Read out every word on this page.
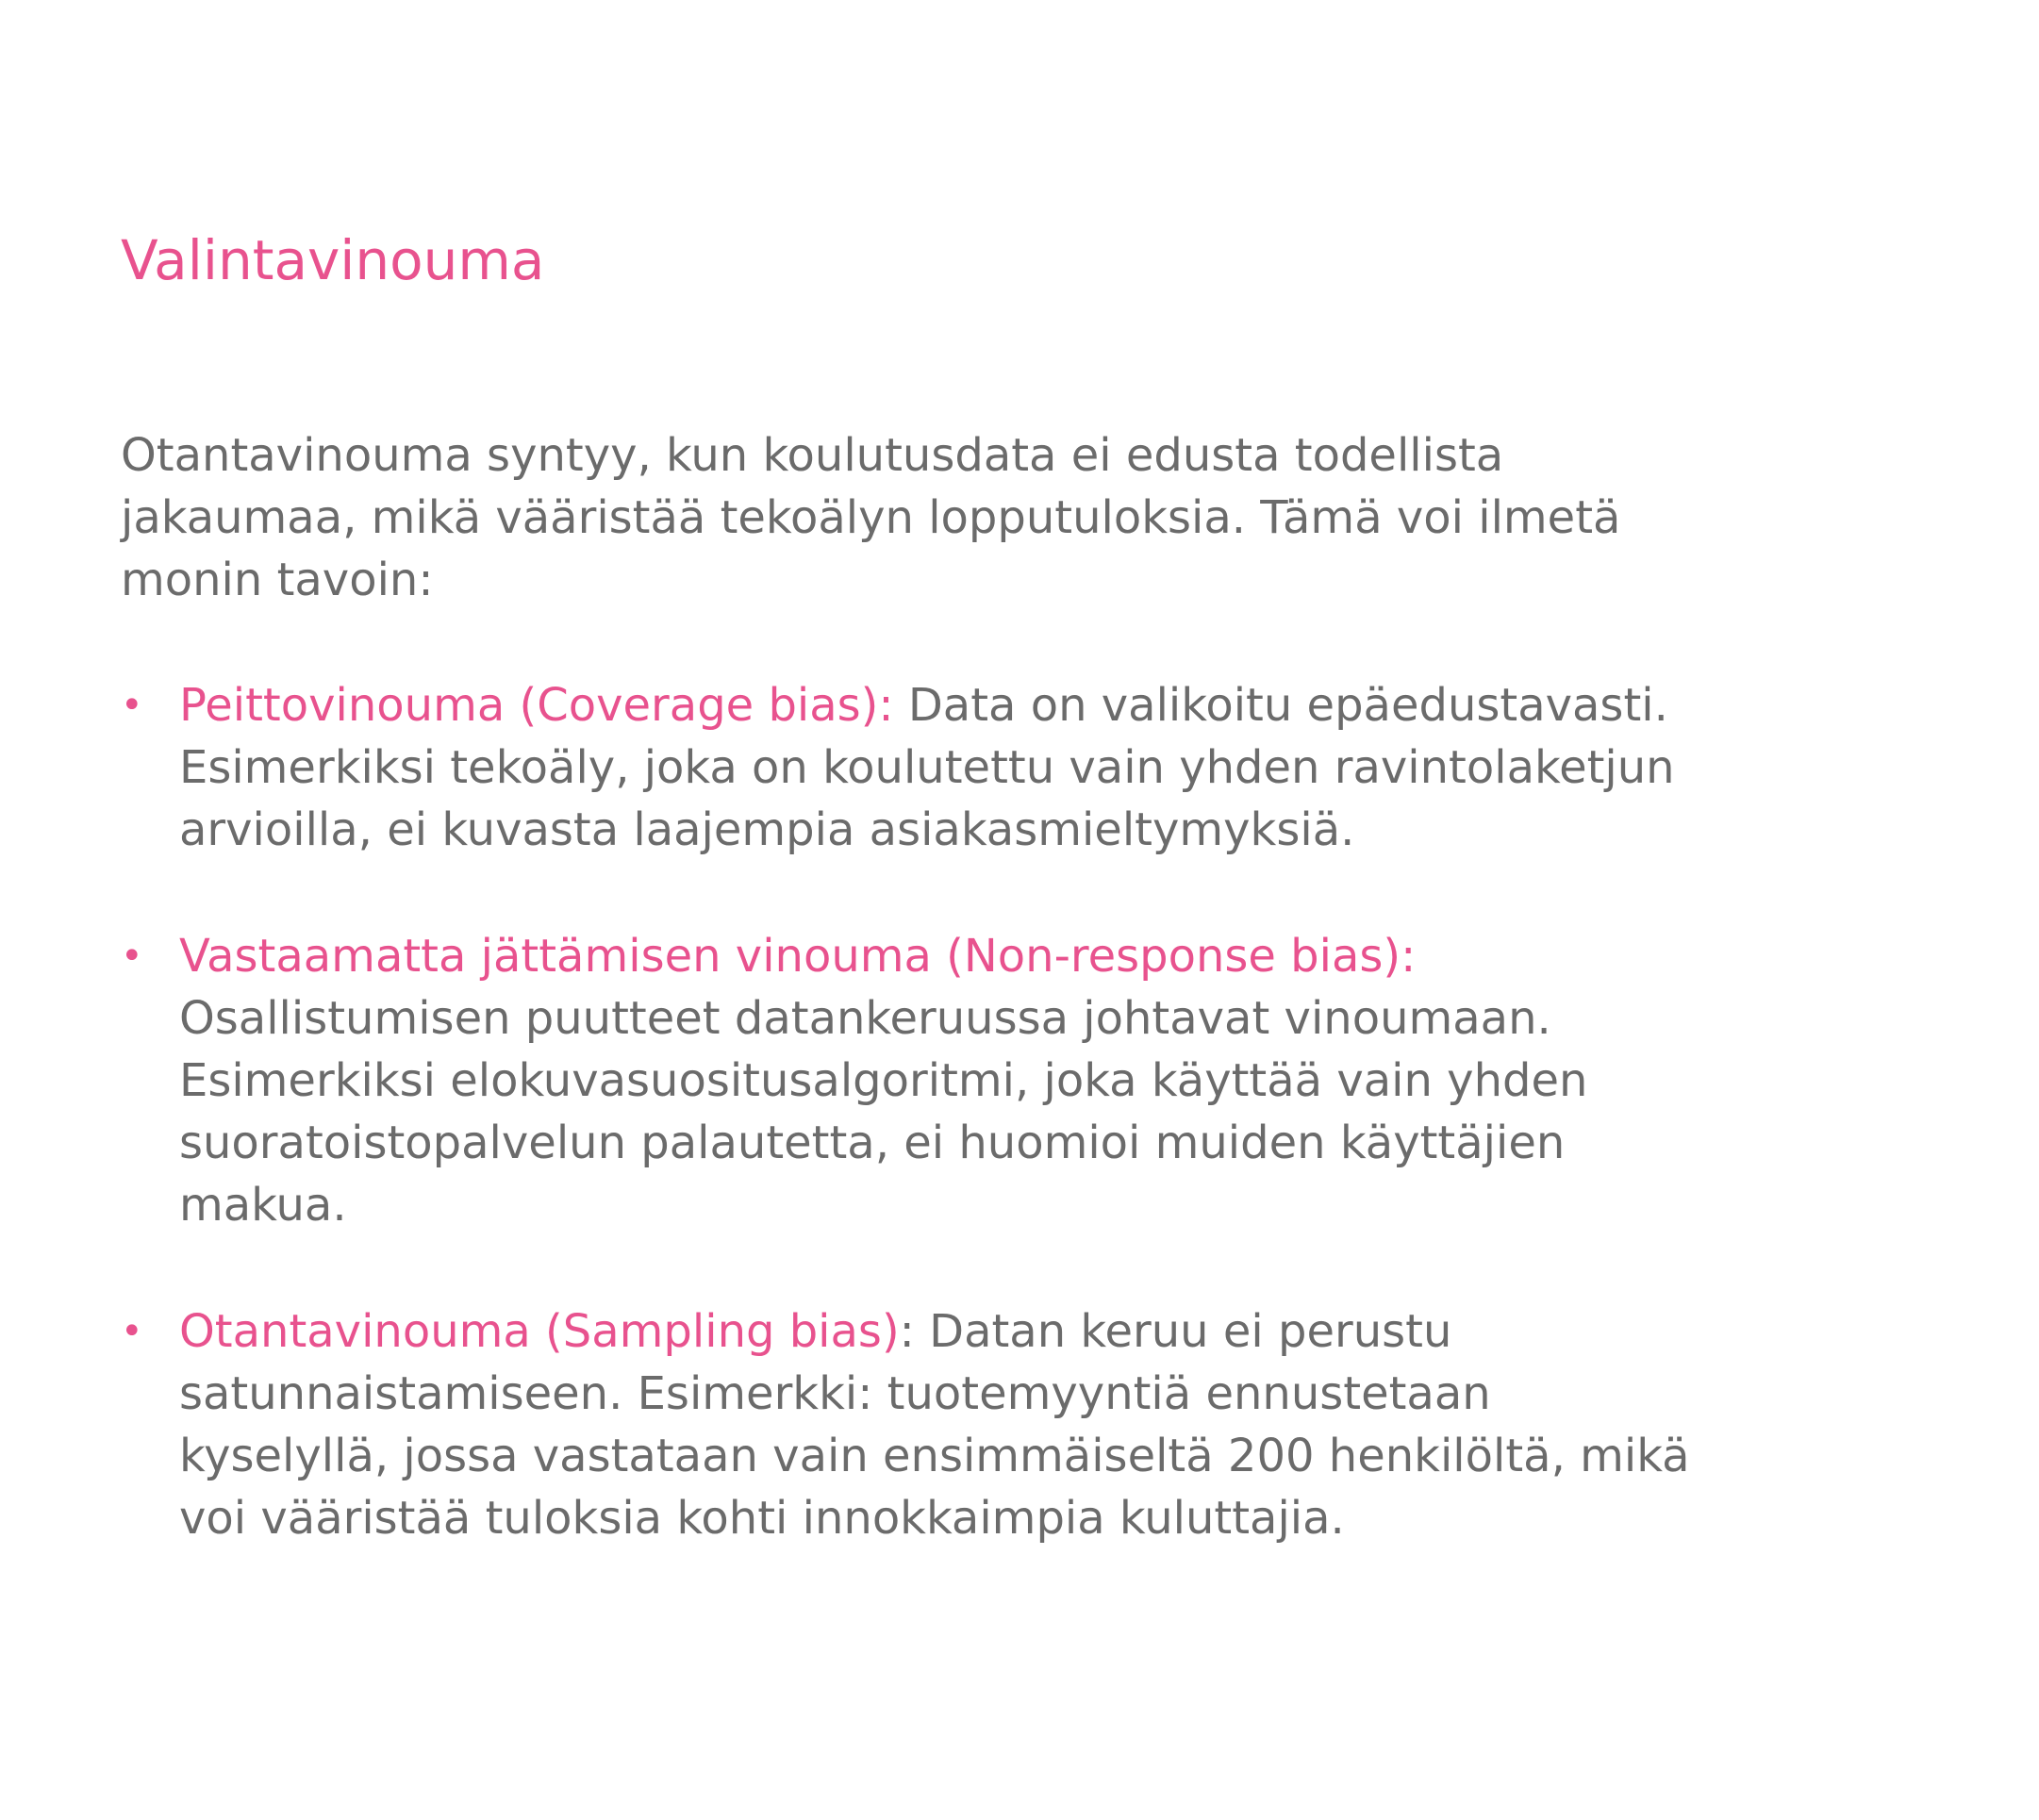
Valintavinouma

Otantavinouma syntyy, kun koulutusdata ei edusta todellista
jakaumaa, mikä vääristää tekoälyn lopputuloksia. Tämä voi ilmetä
monin tavoin:

• Peittovinouma (Coverage bias): Data on valikoitu epäedustavasti.
Esimerkiksi tekoäly, joka on koulutettu vain yhden ravintolaketjun
arvioilla, ei kuvasta laajempia asiakasmieltymyksiä.
• Vastaamatta jättämisen vinouma (Non-response bias):
Osallistumisen puutteet datankeruussa johtavat vinoumaan.
Esimerkiksi elokuvasuositusalgoritmi, joka käyttää vain yhden
suoratoistopalvelun palautetta, ei huomioi muiden käyttäjien
makua.
• Otantavinouma (Sampling bias): Datan keruu ei perustu
satunnaistamiseen. Esimerkki: tuotemyyntiä ennustetaan
kyselyllä, jossa vastataan vain ensimmäiseltä 200 henkilöltä, mikä
voi vääristää tuloksia kohti innokkaimpia kuluttajia.
